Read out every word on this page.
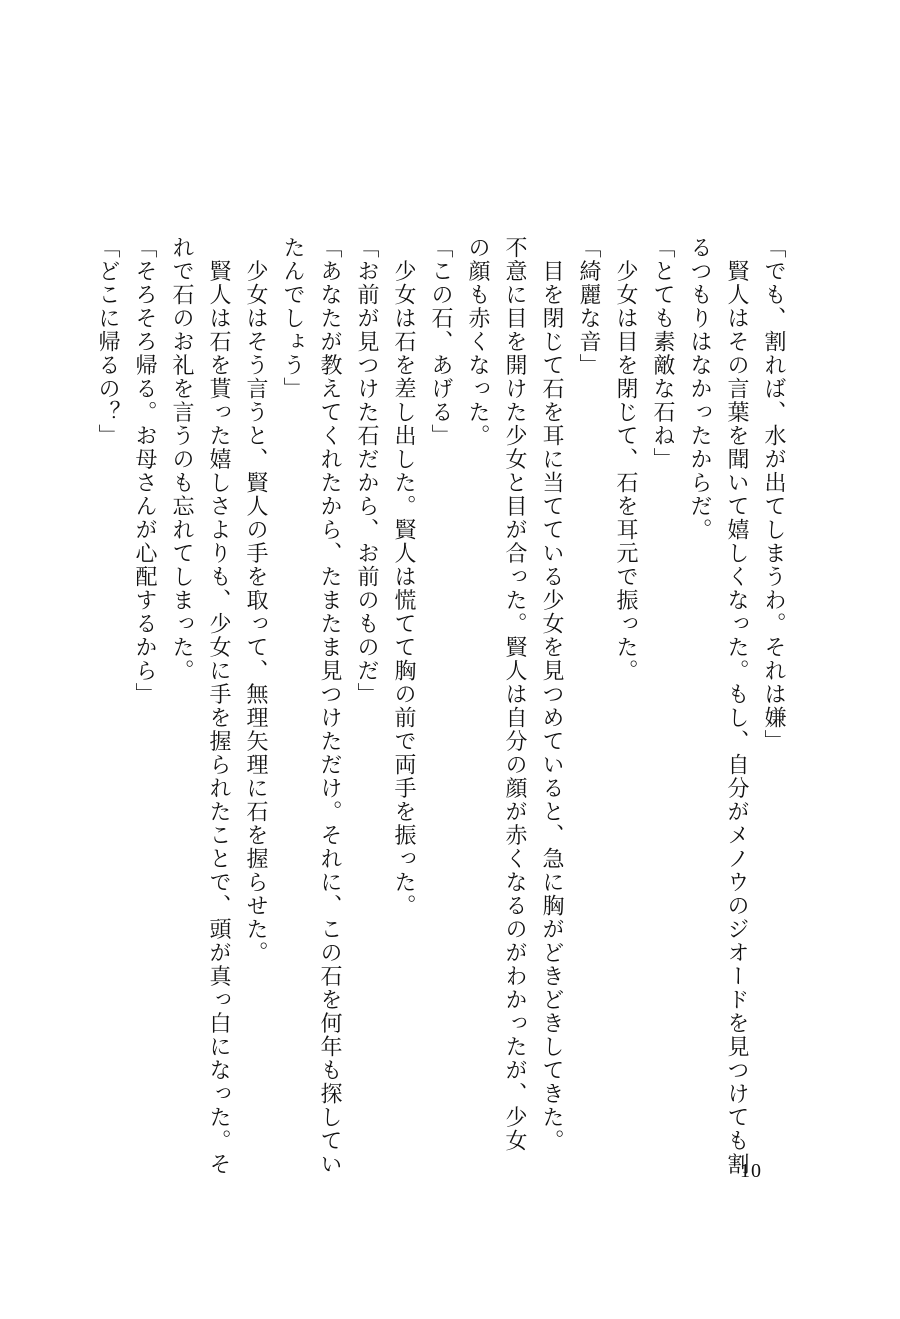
「でも、割れば、水が出てしまうわ。それは嫌」
　賢人はその言葉を聞いて嬉しくなった。もし、自分がメノウのジオードを見つけても割
るつもりはなかったからだ。
「とても素敵な石ね」
　少女は目を閉じて、石を耳元で振った。
「綺麗な音」
　目を閉じて石を耳に当てている少女を見つめていると、急に胸がどきどきしてきた。
不意に目を開けた少女と目が合った。賢人は自分の顔が赤くなるのがわかったが、少女
の顔も赤くなった。
「この石、あげる」
　少女は石を差し出した。賢人は慌てて胸の前で両手を振った。
「お前が見つけた石だから、お前のものだ」
「あなたが教えてくれたから、たまたま見つけただけ。それに、この石を何年も探してい
たんでしょう」
　少女はそう言うと、賢人の手を取って、無理矢理に石を握らせた。
　賢人は石を貰った嬉しさよりも、少女に手を握られたことで、頭が真っ白になった。そ
れで石のお礼を言うのも忘れてしまった。
「そろそろ帰る。お母さんが心配するから」
「どこに帰るの？」
10
